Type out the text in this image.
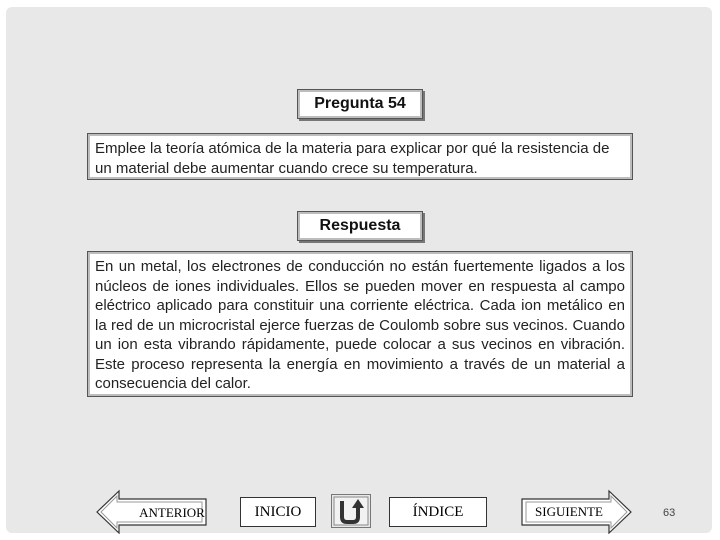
Pregunta 54
Emplee la teoría atómica de la materia para explicar por qué la resistencia de un material debe aumentar cuando crece su temperatura.
Respuesta
En un metal, los electrones de conducción no están fuertemente ligados a los núcleos de iones individuales. Ellos se pueden mover en respuesta al campo eléctrico aplicado para constituir una corriente eléctrica. Cada ion metálico en la red de un microcristal ejerce fuerzas de Coulomb sobre sus vecinos. Cuando un ion esta vibrando rápidamente, puede colocar a sus vecinos en vibración. Este proceso representa la energía en movimiento a través de un material a consecuencia del calor.
ANTERIOR	INICIO	ÍNDICE	SIGUIENTE	63
